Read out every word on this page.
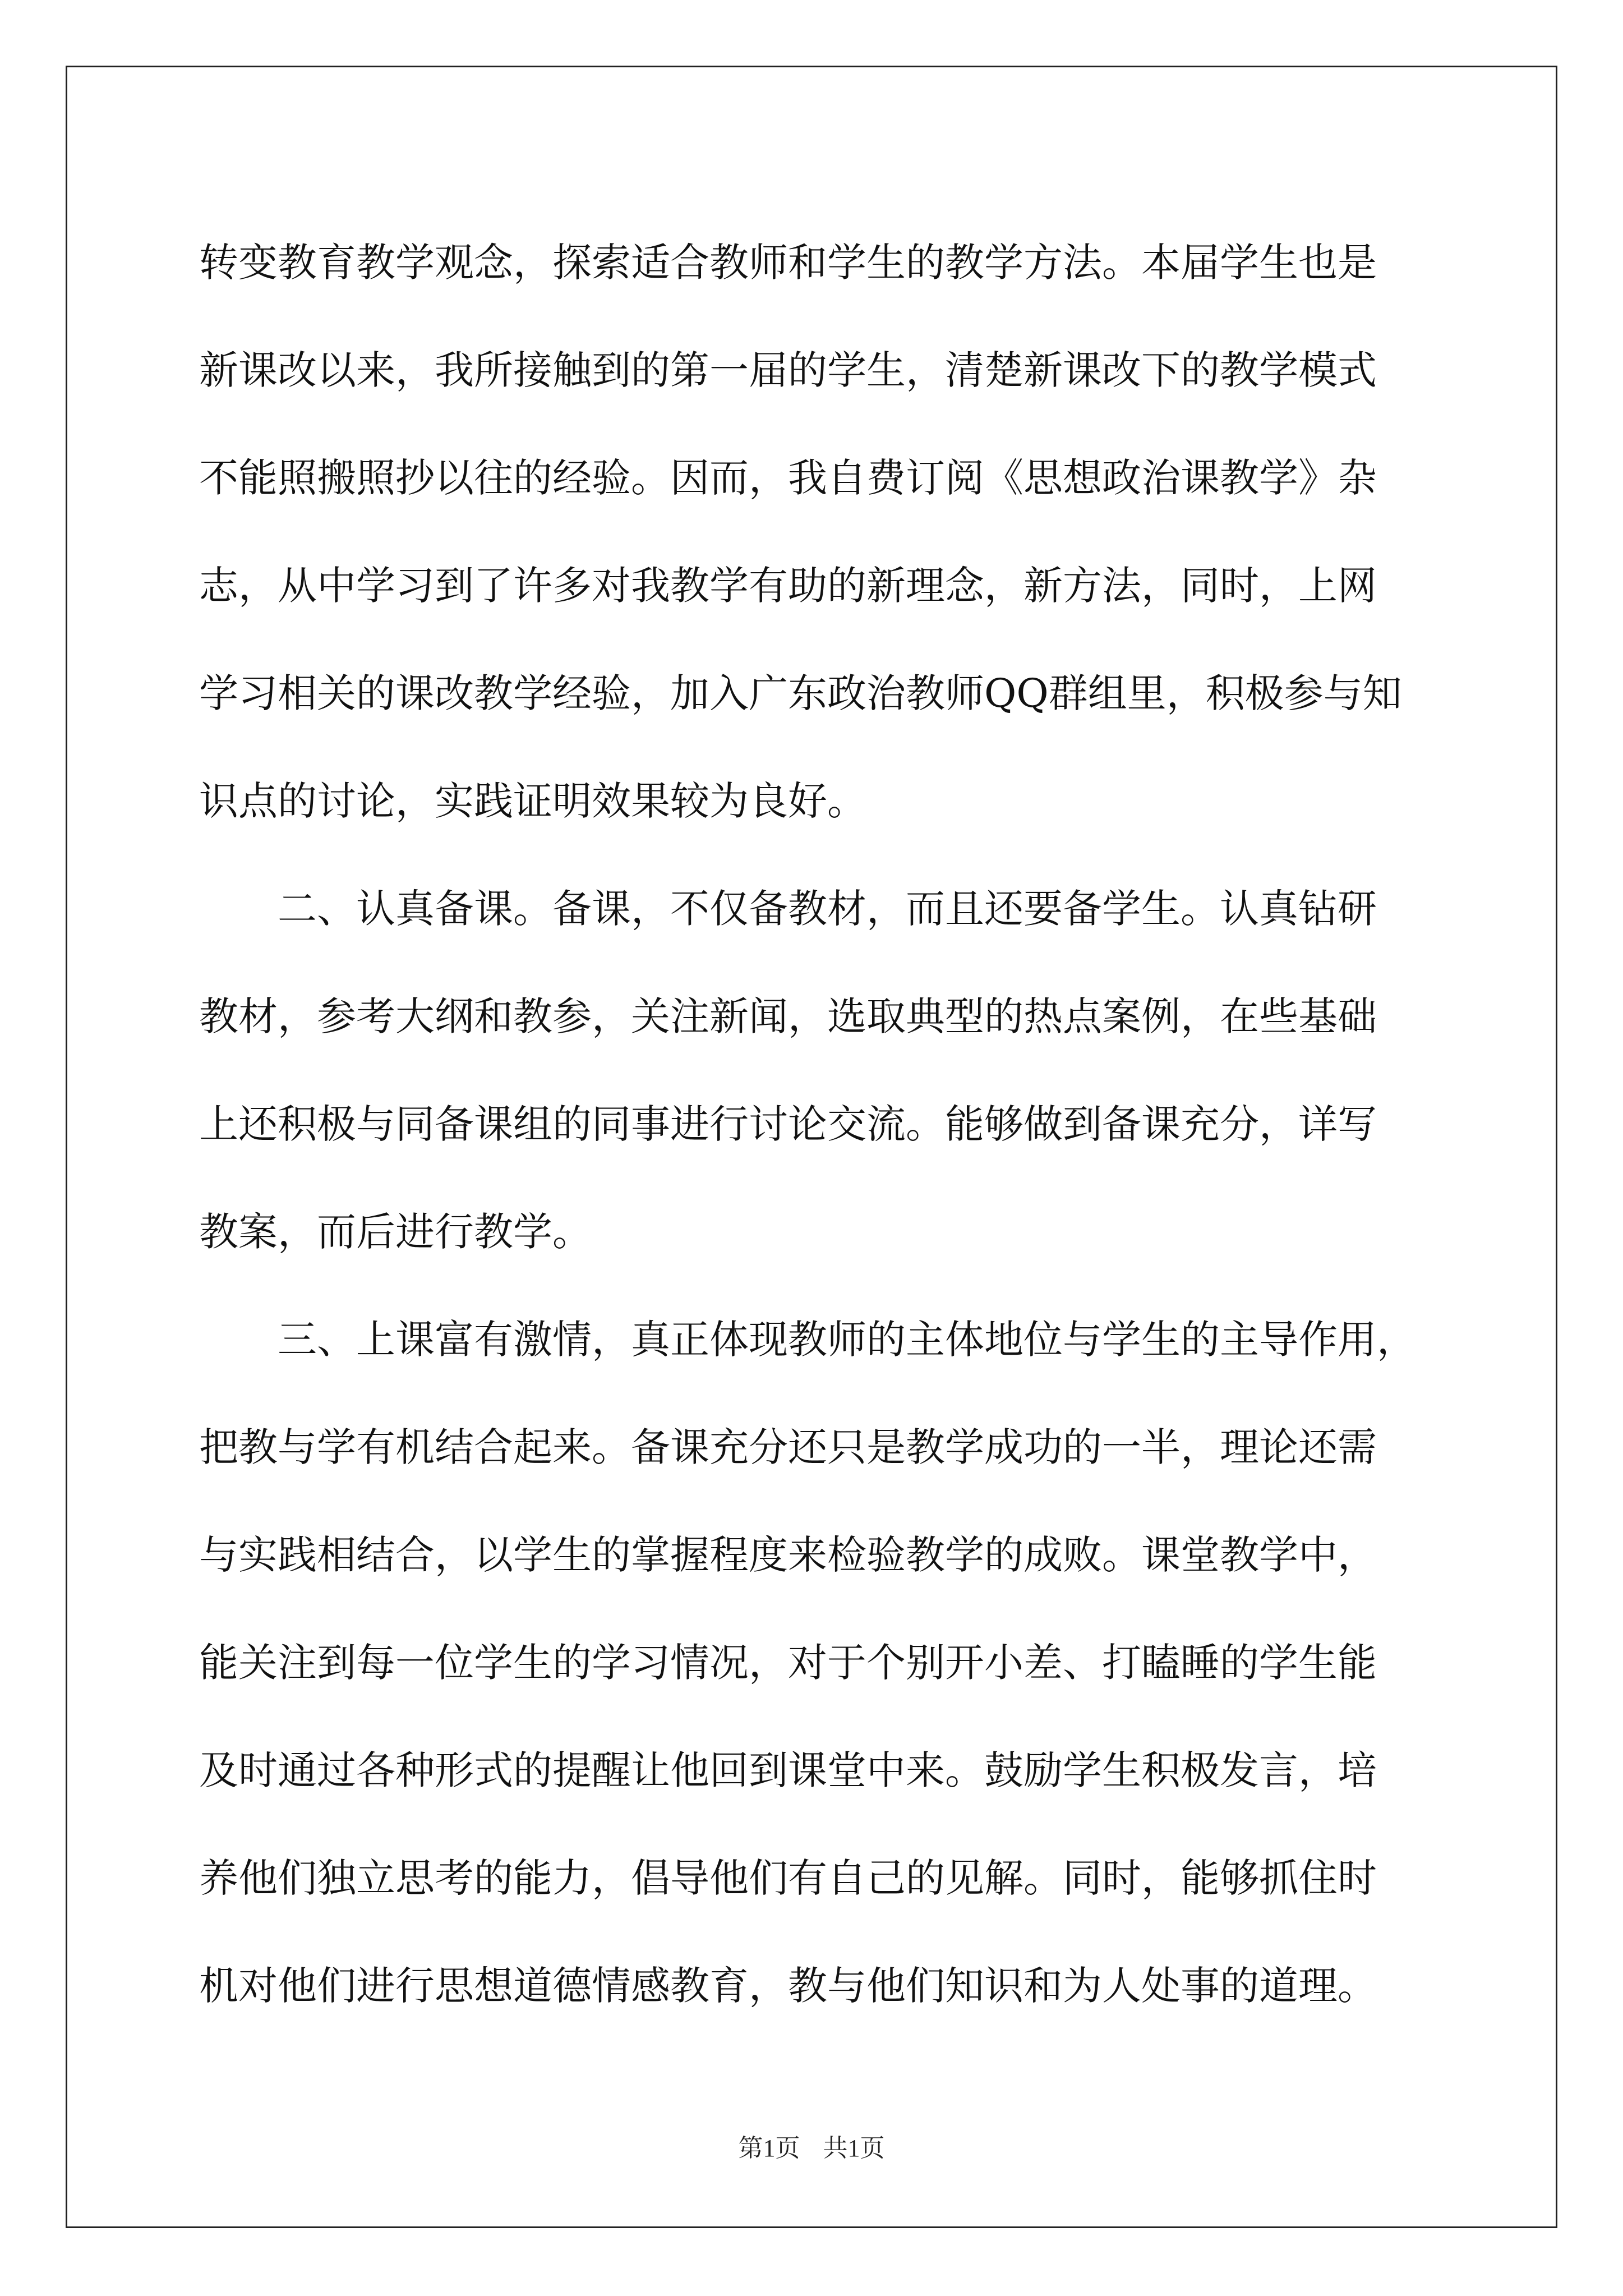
转变教育教学观念，探索适合教师和学生的教学方法。本届学生也是
新课改以来，我所接触到的第一届的学生，清楚新课改下的教学模式
不能照搬照抄以往的经验。因而，我自费订阅《思想政治课教学》杂
志，从中学习到了许多对我教学有助的新理念，新方法，同时，上网
学习相关的课改教学经验，加入广东政治教师QQ群组里，积极参与知
识点的讨论，实践证明效果较为良好。
二、认真备课。备课，不仅备教材，而且还要备学生。认真钻研
教材，参考大纲和教参，关注新闻，选取典型的热点案例，在些基础
上还积极与同备课组的同事进行讨论交流。能够做到备课充分，详写
教案，而后进行教学。
三、上课富有激情，真正体现教师的主体地位与学生的主导作用，
把教与学有机结合起来。备课充分还只是教学成功的一半，理论还需
与实践相结合，以学生的掌握程度来检验教学的成败。课堂教学中，
能关注到每一位学生的学习情况，对于个别开小差、打瞌睡的学生能
及时通过各种形式的提醒让他回到课堂中来。鼓励学生积极发言，培
养他们独立思考的能力，倡导他们有自己的见解。同时，能够抓住时
机对他们进行思想道德情感教育，教与他们知识和为人处事的道理。
第1页 共1页
